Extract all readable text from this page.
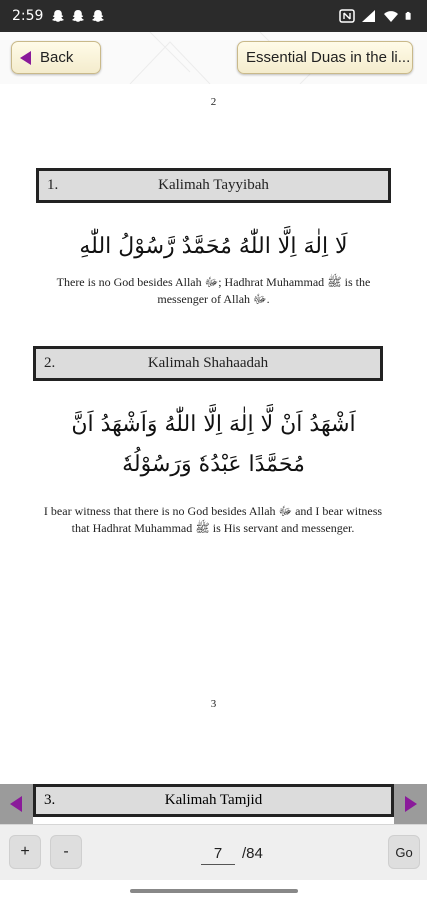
2:59
Back	Essential Duas in the li...
2
1.	Kalimah Tayyibah
لَا اِلٰهَ اِلَّا اللّٰهُ مُحَمَّدٌ رَّسُوْلُ اللّٰهِ
There is no God besides Allah ﷻ; Hadhrat Muhammad ﷺ is the messenger of Allah ﷻ.
2.	Kalimah Shahaadah
اَشْهَدُ اَنْ لَّا اِلٰهَ اِلَّا اللّٰهُ وَاَشْهَدُ اَنَّ
مُحَمَّدًا عَبْدُهٗ وَرَسُوْلُهٗ
I bear witness that there is no God besides Allah ﷻ and I bear witness that Hadhrat Muhammad ﷺ is His servant and messenger.
3
3.	Kalimah Tamjid
+	-
7	/84	Go
